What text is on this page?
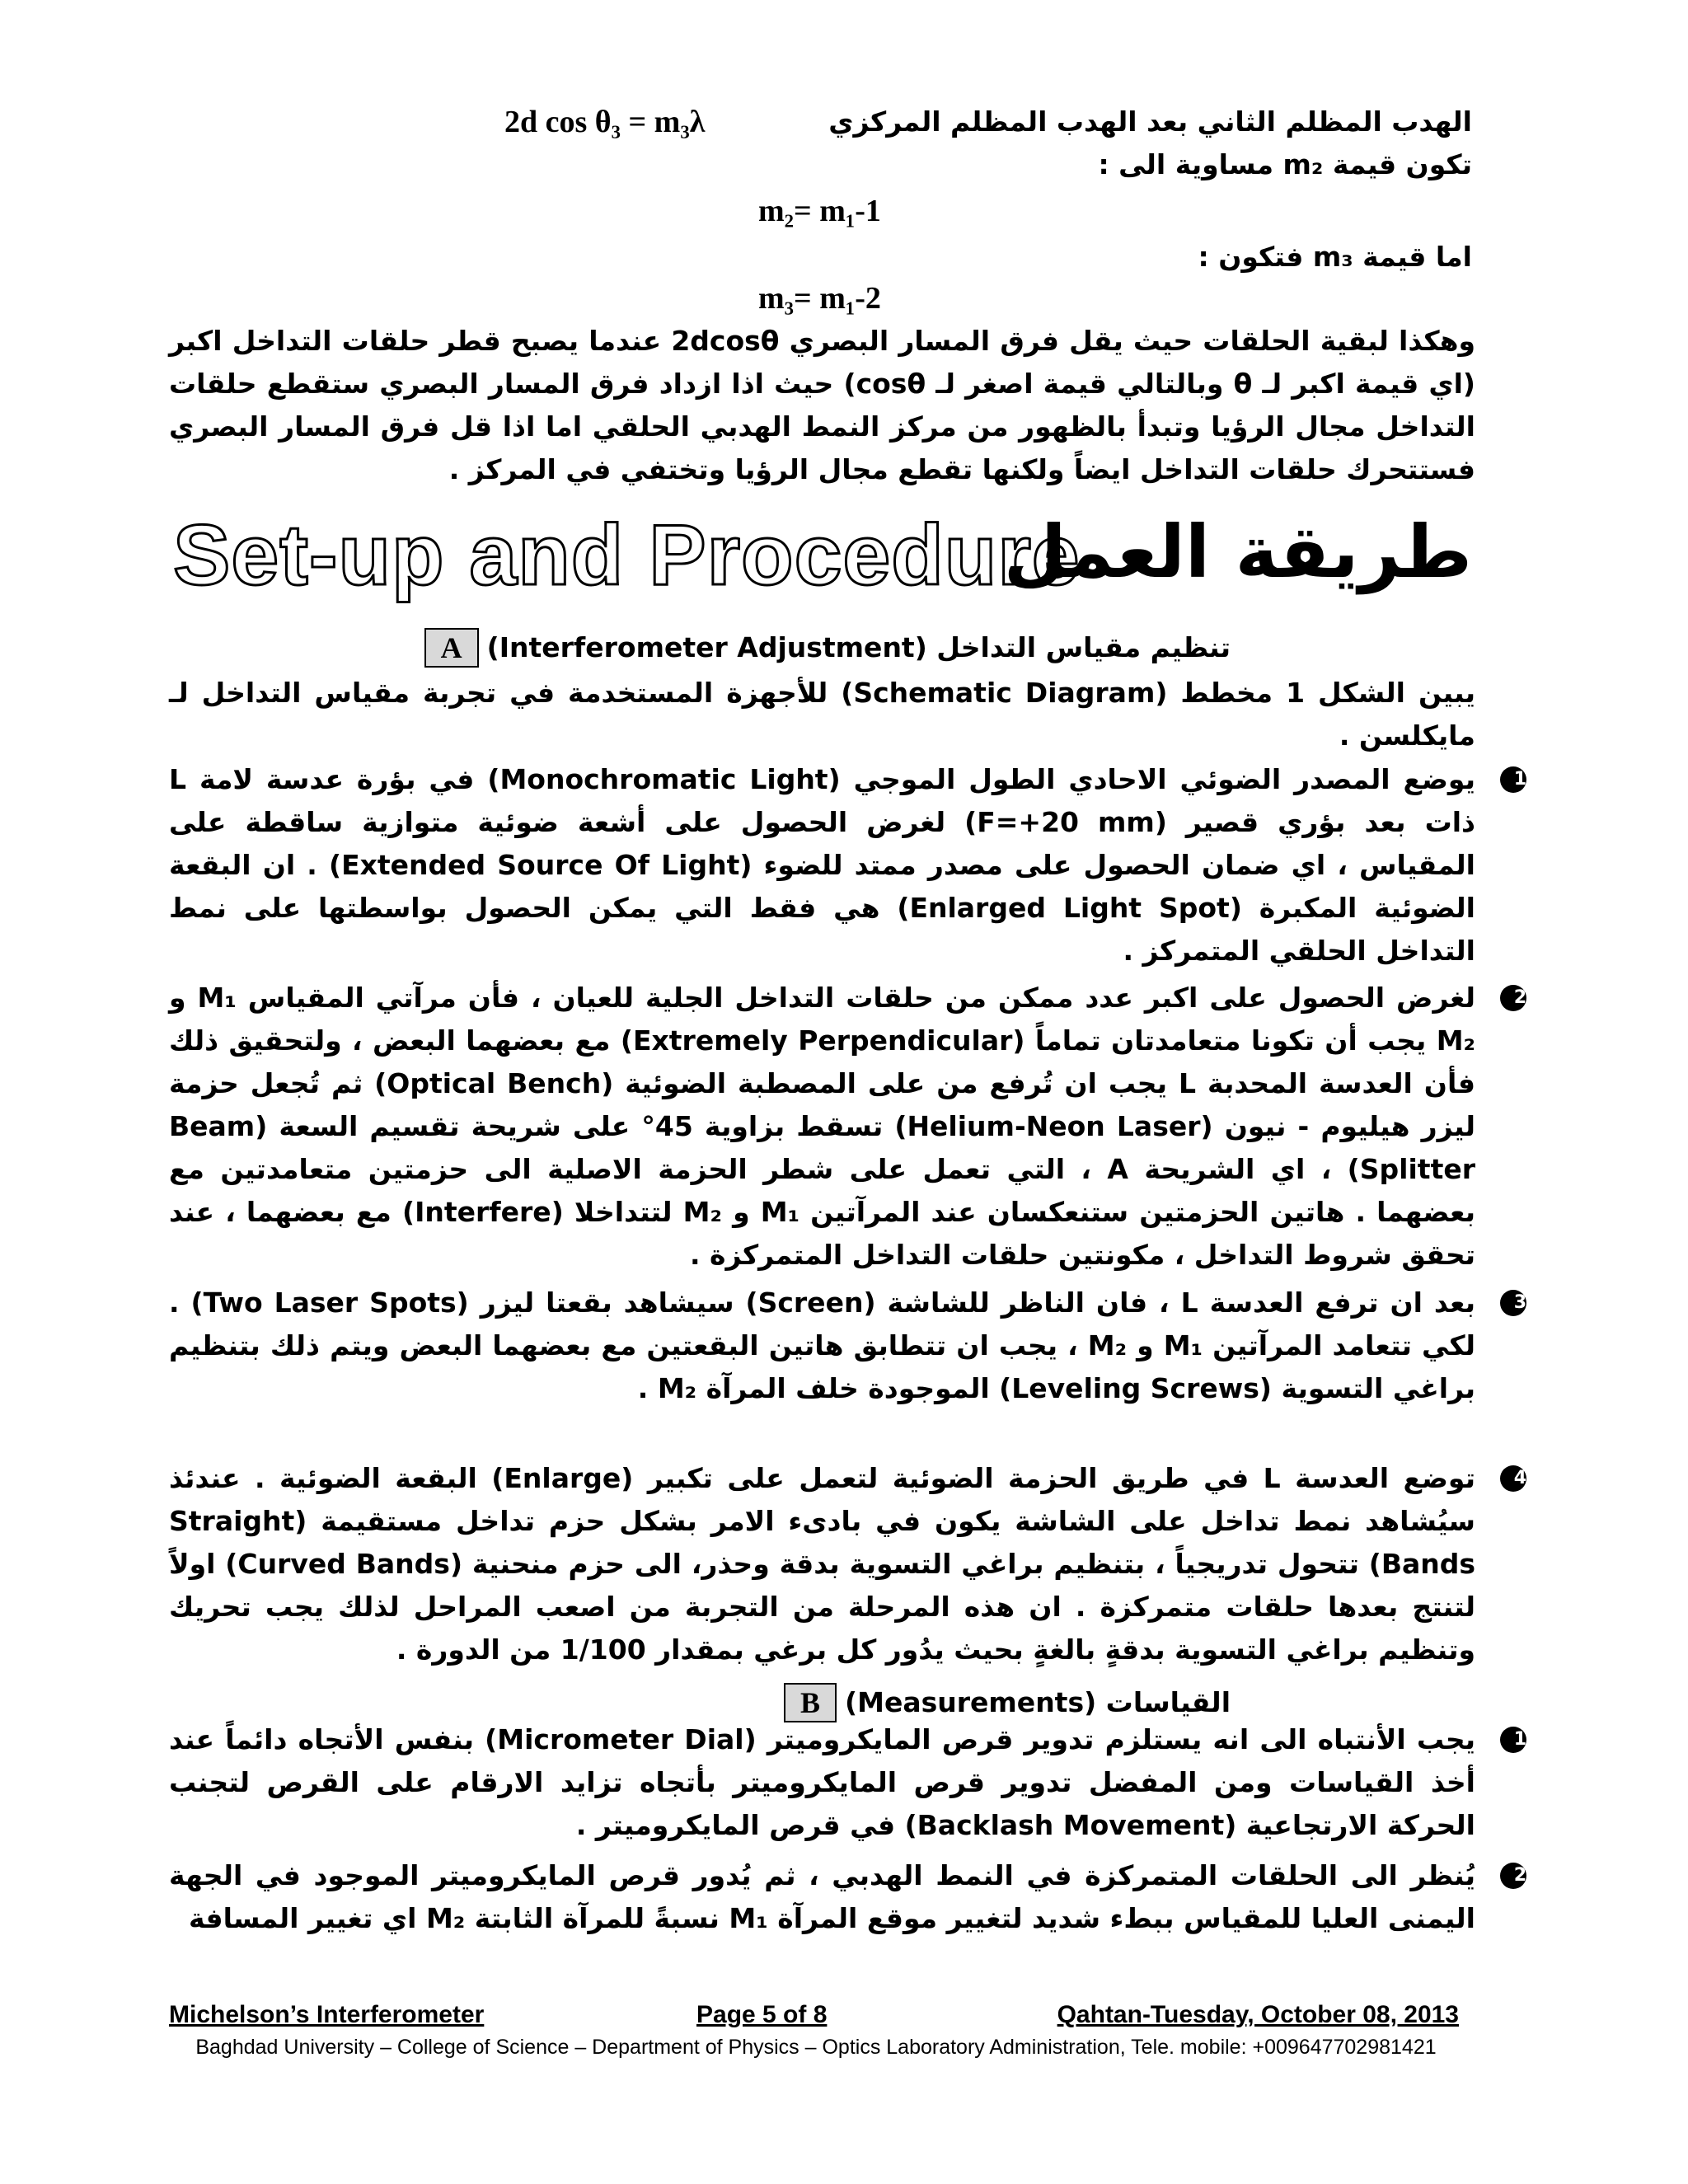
2d cos θ₃ = m₃λ	الهدب المظلم الثاني بعد الهدب المظلم المركزي
تكون قيمة m₂ مساوية الى :
m₂= m₁-1
اما قيمة m₃ فتكون :
m₃= m₁-2
وهكذا لبقية الحلقات حيث يقل فرق المسار البصري 2dcosθ عندما يصبح قطر حلقات التداخل اكبر (اي قيمة اكبر لـ θ وبالتالي قيمة اصغر لـ cosθ) حيث اذا ازداد فرق المسار البصري ستقطع حلقات التداخل مجال الرؤيا وتبدأ بالظهور من مركز النمط الهدبي الحلقي اما اذا قل فرق المسار البصري فستتحرك حلقات التداخل ايضاً ولكنها تقطع مجال الرؤيا وتختفي في المركز .
Set-up and Procedure
طريقة العمل
A تنظيم مقياس التداخل (Interferometer Adjustment)
يبين الشكل 1 مخطط (Schematic Diagram) للأجهزة المستخدمة في تجربة مقياس التداخل لـ مايكلسن .
1
يوضع المصدر الضوئي الاحادي الطول الموجي (Monochromatic Light) في بؤرة عدسة لامة L ذات بعد بؤري قصير (F=+20 mm) لغرض الحصول على أشعة ضوئية متوازية ساقطة على المقياس ، اي ضمان الحصول على مصدر ممتد للضوء (Extended Source Of Light) . ان البقعة الضوئية المكبرة (Enlarged Light Spot) هي فقط التي يمكن الحصول بواسطتها على نمط التداخل الحلقي المتمركز .
2
لغرض الحصول على اكبر عدد ممكن من حلقات التداخل الجلية للعيان ، فأن مرآتي المقياس M₁ و M₂ يجب أن تكونا متعامدتان تماماً (Extremely Perpendicular) مع بعضهما البعض ، ولتحقيق ذلك فأن العدسة المحدبة L يجب ان تُرفع من على المصطبة الضوئية (Optical Bench) ثم تُجعل حزمة ليزر هيليوم - نيون (Helium-Neon Laser) تسقط بزاوية 45° على شريحة تقسيم السعة (Beam Splitter) ، اي الشريحة A ، التي تعمل على شطر الحزمة الاصلية الى حزمتين متعامدتين مع بعضهما . هاتين الحزمتين ستنعكسان عند المرآتين M₁ و M₂ لتتداخلا (Interfere) مع بعضهما ، عند تحقق شروط التداخل ، مكونتين حلقات التداخل المتمركزة .
3
بعد ان ترفع العدسة L ، فان الناظر للشاشة (Screen) سيشاهد بقعتا ليزر (Two Laser Spots) . لكي تتعامد المرآتين M₁ و M₂ ، يجب ان تتطابق هاتين البقعتين مع بعضهما البعض ويتم ذلك بتنظيم براغي التسوية (Leveling Screws) الموجودة خلف المرآة M₂ .
4
توضع العدسة L في طريق الحزمة الضوئية لتعمل على تكبير (Enlarge) البقعة الضوئية . عندئذ سيُشاهد نمط تداخل على الشاشة يكون في بادىء الامر بشكل حزم تداخل مستقيمة (Straight Bands) تتحول تدريجياً ، بتنظيم براغي التسوية بدقة وحذر، الى حزم منحنية (Curved Bands) اولاً لتنتج بعدها حلقات متمركزة . ان هذه المرحلة من التجربة من اصعب المراحل لذلك يجب تحريك وتنظيم براغي التسوية بدقةٍ بالغةٍ بحيث يدُور كل برغي بمقدار 1/100 من الدورة .
B القياسات (Measurements)
1
يجب الأنتباه الى انه يستلزم تدوير قرص المايكروميتر (Micrometer Dial) بنفس الأتجاه دائماً عند أخذ القياسات ومن المفضل تدوير قرص المايكروميتر بأتجاه تزايد الارقام على القرص لتجنب الحركة الارتجاعية (Backlash Movement) في قرص المايكروميتر .
2
يُنظر الى الحلقات المتمركزة في النمط الهدبي ، ثم يُدور قرص المايكروميتر الموجود في الجهة اليمنى العليا للمقياس ببطء شديد لتغيير موقع المرآة M₁ نسبةً للمرآة الثابتة M₂ اي تغيير المسافة
Michelson’s Interferometer	Page 5 of 8	Qahtan-Tuesday, October 08, 2013
Baghdad University – College of Science – Department of Physics – Optics Laboratory Administration, Tele. mobile: +009647702981421
